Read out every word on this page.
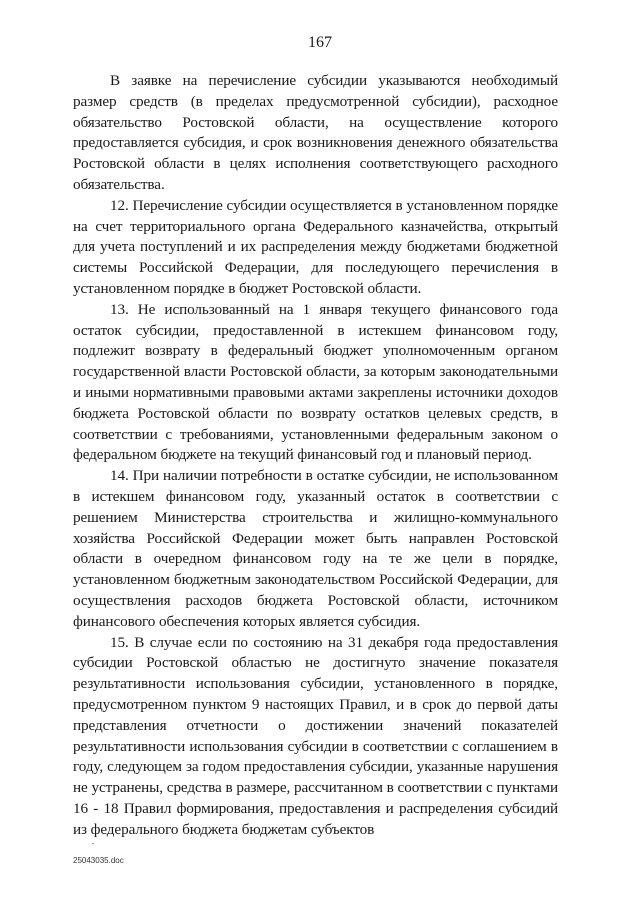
167

В заявке на перечисление субсидии указываются необходимый размер средств (в пределах предусмотренной субсидии), расходное обязательство Ростовской области, на осуществление которого предоставляется субсидия, и срок возникновения денежного обязательства Ростовской области в целях исполнения соответствующего расходного обязательства.

12. Перечисление субсидии осуществляется в установленном порядке на счет территориального органа Федерального казначейства, открытый для учета поступлений и их распределения между бюджетами бюджетной системы Российской Федерации, для последующего перечисления в установленном порядке в бюджет Ростовской области.

13. Не использованный на 1 января текущего финансового года остаток субсидии, предоставленной в истекшем финансовом году, подлежит возврату в федеральный бюджет уполномоченным органом государственной власти Ростовской области, за которым законодательными и иными нормативными правовыми актами закреплены источники доходов бюджета Ростовской области по возврату остатков целевых средств, в соответствии с требованиями, установленными федеральным законом о федеральном бюджете на текущий финансовый год и плановый период.

14. При наличии потребности в остатке субсидии, не использованном в истекшем финансовом году, указанный остаток в соответствии с решением Министерства строительства и жилищно-коммунального хозяйства Российской Федерации может быть направлен Ростовской области в очередном финансовом году на те же цели в порядке, установленном бюджетным законодательством Российской Федерации, для осуществления расходов бюджета Ростовской области, источником финансового обеспечения которых является субсидия.

15. В случае если по состоянию на 31 декабря года предоставления субсидии Ростовской областью не достигнуто значение показателя результативности использования субсидии, установленного в порядке, предусмотренном пунктом 9 настоящих Правил, и в срок до первой даты представления отчетности о достижении значений показателей результативности использования субсидии в соответствии с соглашением в году, следующем за годом предоставления субсидии, указанные нарушения не устранены, средства в размере, рассчитанном в соответствии с пунктами 16 - 18 Правил формирования, предоставления и распределения субсидий из федерального бюджета бюджетам субъектов

25043035.doc
